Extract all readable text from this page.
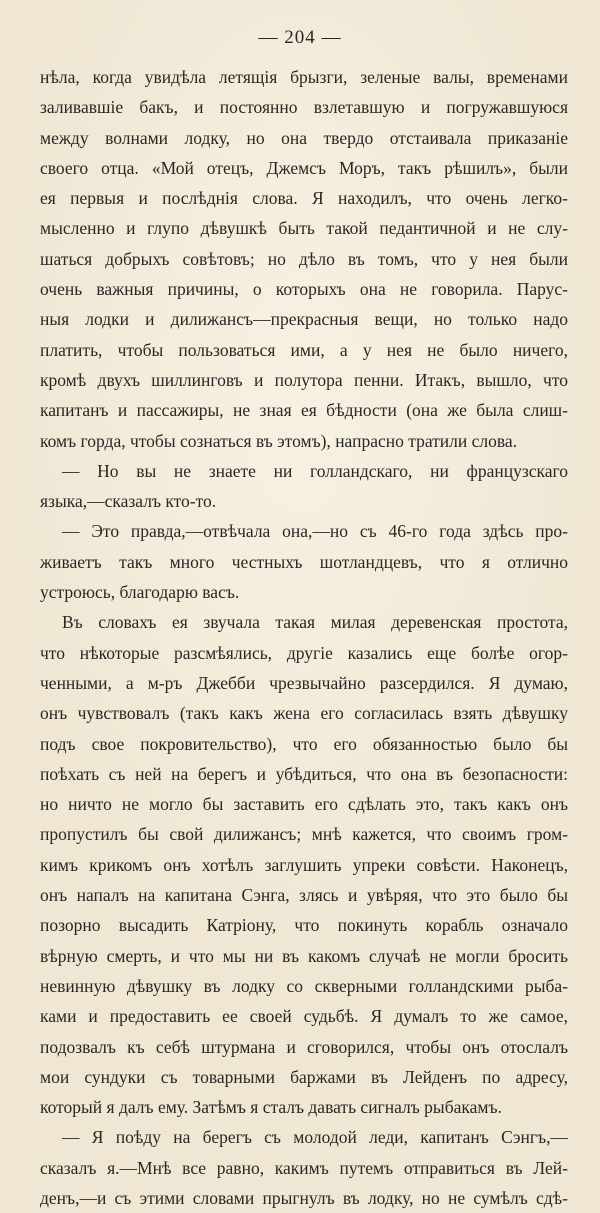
— 204 —
нѣла, когда увидѣла летящія брызги, зеленые валы, временами
заливавшіе бакъ, и постоянно взлетавшую и погружавшуюся
между волнами лодку, но она твердо отстаивала приказаніе
своего отца. «Мой отецъ, Джемсъ Моръ, такъ рѣшилъ», были
ея первыя и послѣднія слова. Я находилъ, что очень легко-
мысленно и глупо дѣвушкѣ быть такой педантичной и не слу-
шаться добрыхъ совѣтовъ; но дѣло въ томъ, что у нея были
очень важныя причины, о которыхъ она не говорила. Парус-
ныя лодки и дилижансъ—прекрасныя вещи, но только надо
платить, чтобы пользоваться ими, а у нея не было ничего,
кромѣ двухъ шиллинговъ и полутора пенни. Итакъ, вышло, что
капитанъ и пассажиры, не зная ея бѣдности (она же была слиш-
комъ горда, чтобы сознаться въ этомъ), напрасно тратили слова.
— Но вы не знаете ни голландскаго, ни французскаго
языка,—сказалъ кто-то.
— Это правда,—отвѣчала она,—но съ 46-го года здѣсь про-
живаетъ такъ много честныхъ шотландцевъ, что я отлично
устроюсь, благодарю васъ.
Въ словахъ ея звучала такая милая деревенская простота,
что нѣкоторые разсмѣялись, другіе казались еще болѣе огор-
ченными, а м-ръ Джебби чрезвычайно разсердился. Я думаю,
онъ чувствовалъ (такъ какъ жена его согласилась взять дѣвушку
подъ свое покровительство), что его обязанностью было бы
поѣхать съ ней на берегъ и убѣдиться, что она въ безопасности:
но ничто не могло бы заставить его сдѣлать это, такъ какъ онъ
пропустилъ бы свой дилижансъ; мнѣ кажется, что своимъ гром-
кимъ крикомъ онъ хотѣлъ заглушить упреки совѣсти. Наконецъ,
онъ напалъ на капитана Сэнга, злясь и увѣряя, что это было бы
позорно высадить Катріону, что покинуть корабль означало
вѣрную смерть, и что мы ни въ какомъ случаѣ не могли бросить
невинную дѣвушку въ лодку со скверными голландскими рыба-
ками и предоставить ее своей судьбѣ. Я думалъ то же самое,
подозвалъ къ себѣ штурмана и сговорился, чтобы онъ отослалъ
мои сундуки съ товарными баржами въ Лейденъ по адресу,
который я далъ ему. Затѣмъ я сталъ давать сигналъ рыбакамъ.
— Я поѣду на берегъ съ молодой леди, капитанъ Сэнгъ,—
сказалъ я.—Мнѣ все равно, какимъ путемъ отправиться въ Лей-
денъ,—и съ этими словами прыгнулъ въ лодку, но не сумѣлъ сдѣ-
